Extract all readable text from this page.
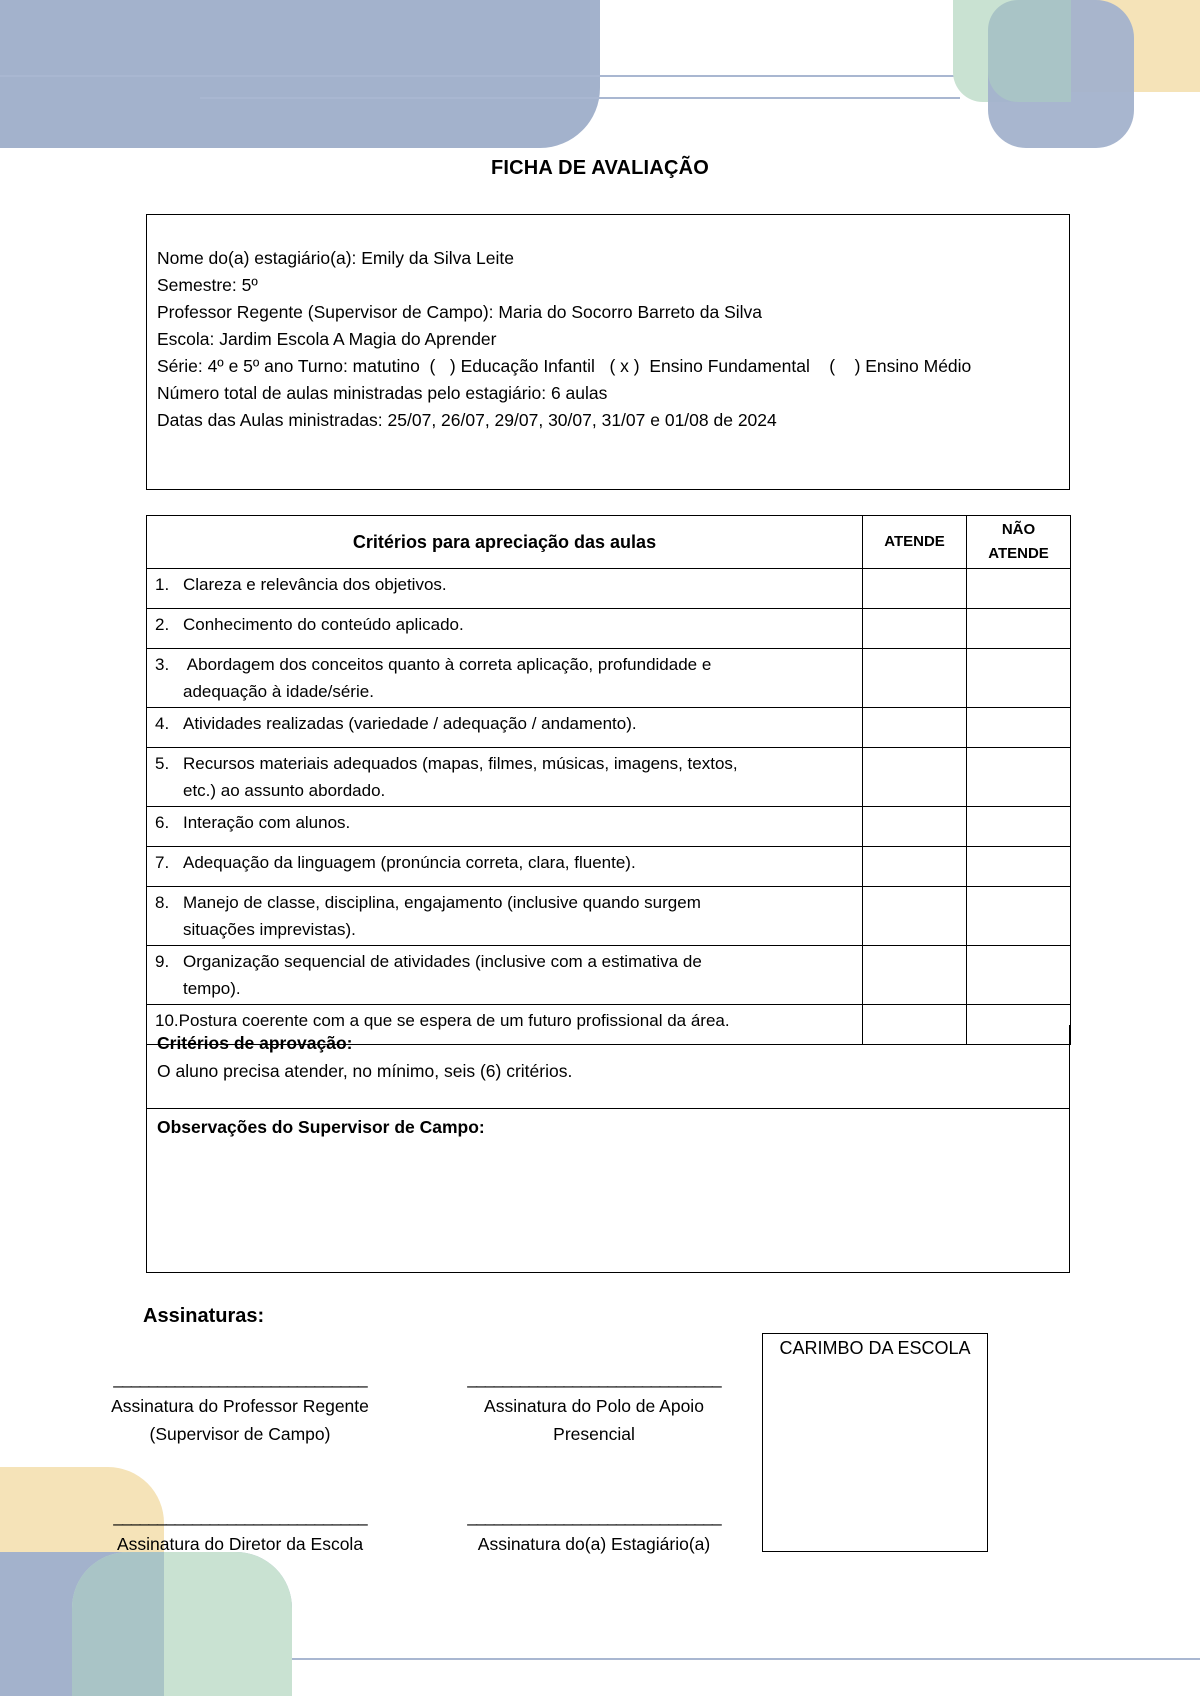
FICHA DE AVALIAÇÃO
Nome do(a) estagiário(a): Emily da Silva Leite
Semestre: 5º
Professor Regente (Supervisor de Campo): Maria do Socorro Barreto da Silva
Escola: Jardim Escola A Magia do Aprender
Série: 4º e 5º ano Turno: matutino  (   ) Educação Infantil   ( x )  Ensino Fundamental    (    ) Ensino Médio
Número total de aulas ministradas pelo estagiário: 6 aulas
Datas das Aulas ministradas: 25/07, 26/07, 29/07, 30/07, 31/07 e 01/08 de 2024
Critérios para apreciação das aulas	ATENDE	NÃO
ATENDE
1. Clareza e relevância dos objetivos.		
2. Conhecimento do conteúdo aplicado.		
3. Abordagem dos conceitos quanto à correta aplicação, profundidade e
adequação à idade/série.		

4. Atividades realizadas (variedade / adequação / andamento).		
5. Recursos materiais adequados (mapas, filmes, músicas, imagens, textos,
etc.) ao assunto abordado.		

6. Interação com alunos.		
7. Adequação da linguagem (pronúncia correta, clara, fluente).		
8. Manejo de classe, disciplina, engajamento (inclusive quando surgem
situações imprevistas).		

9. Organização sequencial de atividades (inclusive com a estimativa de
tempo).		

10.Postura coerente com a que se espera de um futuro profissional da área.		
Critérios de aprovação:
O aluno precisa atender, no mínimo, seis (6) critérios.
Observações do Supervisor de Campo:
Assinaturas:
_____________________________
Assinatura do Professor Regente
(Supervisor de Campo)
_____________________________
Assinatura do Polo de Apoio
Presencial
_____________________________
Assinatura do Diretor da Escola
_____________________________
Assinatura do(a) Estagiário(a)
CARIMBO DA ESCOLA
